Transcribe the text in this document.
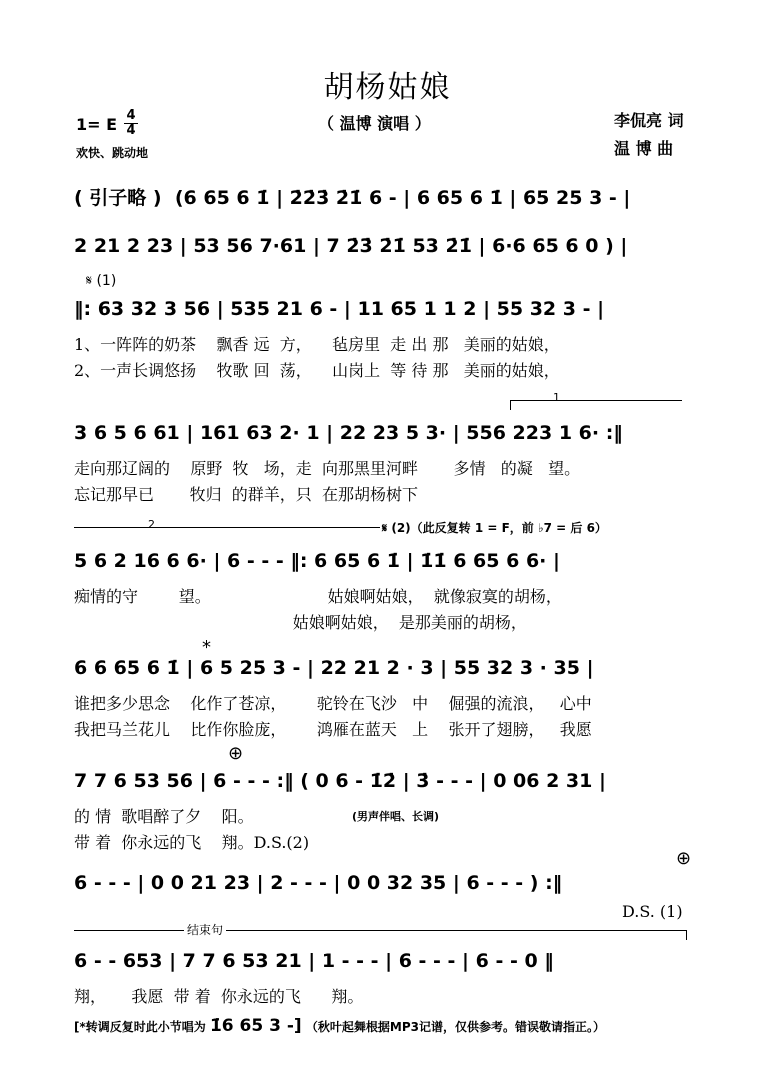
胡杨姑娘
（ 温博 演唱 ）
1= E 4
4
欢快、跳动地
李侃亮 词
温 博 曲
( 引子略 )  (6 65 6 1̇ | 2̇2̇3̇ 2̇1̇ 6 - | 6 65 6 1̇ | 65 25 3 - |
2 21 2 23 | 53 56 7·61 | 7 2̇3̇ 2̇1̇ 53 2̇1̇ | 6·6 65 6 0 ) |
𝄋 (1)
‖: 63 32 3 56 | 535 21 6 - | 11 65 1 1 2 | 55 32 3 - |
1、一阵阵的奶茶    飘香 远  方，    毡房里  走 出 那   美丽的姑娘，
2、一声长调悠扬    牧歌 回  荡，    山岗上  等 待 那   美丽的姑娘，
1
3 6 5 6 61 | 161 63 2· 1 | 22 23 5 3· | 556 223 1 6· :‖
走向那辽阔的    原野  牧   场，走  向那黑里河畔       多情   的凝   望。
忘记那早已       牧归  的群羊，只  在那胡杨树下
2	𝄋 (2)（此反复转 1 = F，前 ♭7 = 后 6）
5 6 2 16 6 6· | 6 - - - ‖: 6 65 6 1̇ | 1̇1̇ 6 65 6 6· |
痴情的守        望。                       姑娘啊姑娘，  就像寂寞的胡杨，
姑娘啊姑娘，  是那美丽的胡杨，
*
6 6 65 6 1̇ | 6 5 25 3 - | 22 21 2 · 3 | 55 32 3 · 35 |
谁把多少思念    化作了苍凉，      驼铃在飞沙   中    倔强的流浪，   心中
我把马兰花儿    比作你脸庞，      鸿雁在蓝天   上    张开了翅膀，   我愿
⊕
7 7 6 53 56 | 6 - - - :‖ ( 0 6 - 1̇2̇ | 3̇ - - - | 0 06 2 31 |
(男声伴唱、长调)
的 情  歌唱醉了夕    阳。
带 着  你永远的飞    翔。D.S.(2)
⊕
6 - - - | 0 0 21 23 | 2 - - - | 0 0 32 35 | 6 - - - ) :‖
D.S. (1)
结束句
6 - - 653 | 7 7 6 53 21 | 1 - - - | 6 - - - | 6 - - 0 ‖
翔，     我愿  带 着  你永远的飞      翔。
[*转调反复时此小节唱为 1̇6 65 3 -] （秋叶起舞根据MP3记谱，仅供参考。错误敬请指正。）
